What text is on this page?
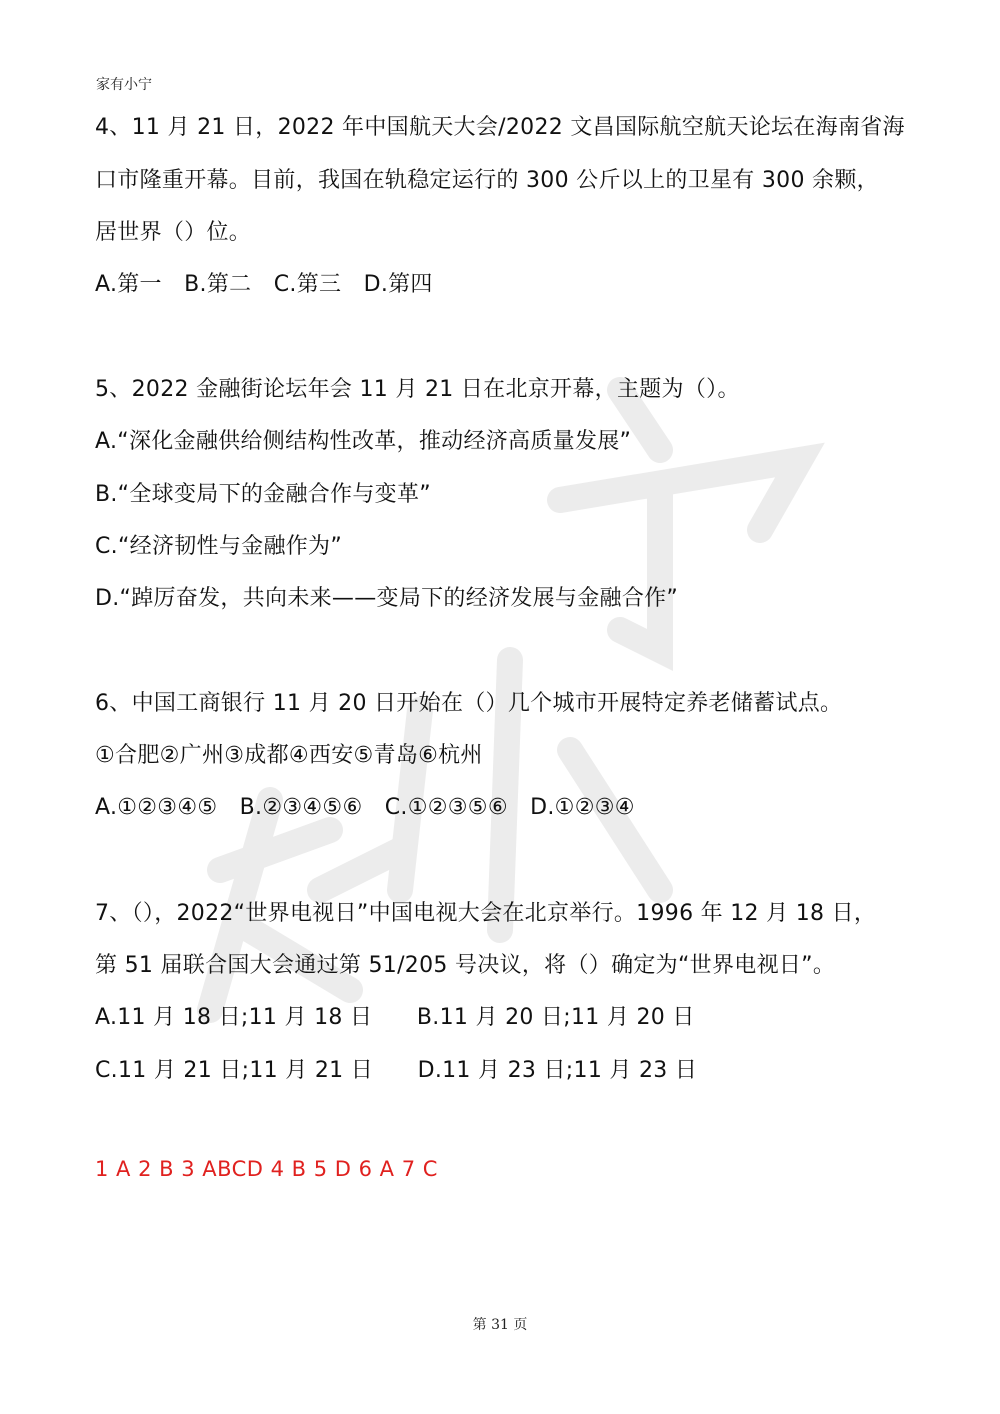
家有小宁
4、11 月 21 日，2022 年中国航天大会/2022 文昌国际航空航天论坛在海南省海
口市隆重开幕。目前，我国在轨稳定运行的 300 公斤以上的卫星有 300 余颗，
居世界（）位。
A.第一　B.第二　C.第三　D.第四
5、2022 金融街论坛年会 11 月 21 日在北京开幕，主题为（）。
A.“深化金融供给侧结构性改革，推动经济高质量发展”
B.“全球变局下的金融合作与变革”
C.“经济韧性与金融作为”
D.“踔厉奋发，共向未来——变局下的经济发展与金融合作”
6、中国工商银行 11 月 20 日开始在（）几个城市开展特定养老储蓄试点。
①合肥②广州③成都④西安⑤青岛⑥杭州
A.①②③④⑤　B.②③④⑤⑥　C.①②③⑤⑥　D.①②③④
7、（），2022“世界电视日”中国电视大会在北京举行。1996 年 12 月 18 日，
第 51 届联合国大会通过第 51/205 号决议，将（）确定为“世界电视日”。
A.11 月 18 日;11 月 18 日　　B.11 月 20 日;11 月 20 日
C.11 月 21 日;11 月 21 日　　D.11 月 23 日;11 月 23 日
1 A 2 B 3 ABCD 4 B 5 D 6 A 7 C
第 31 页
